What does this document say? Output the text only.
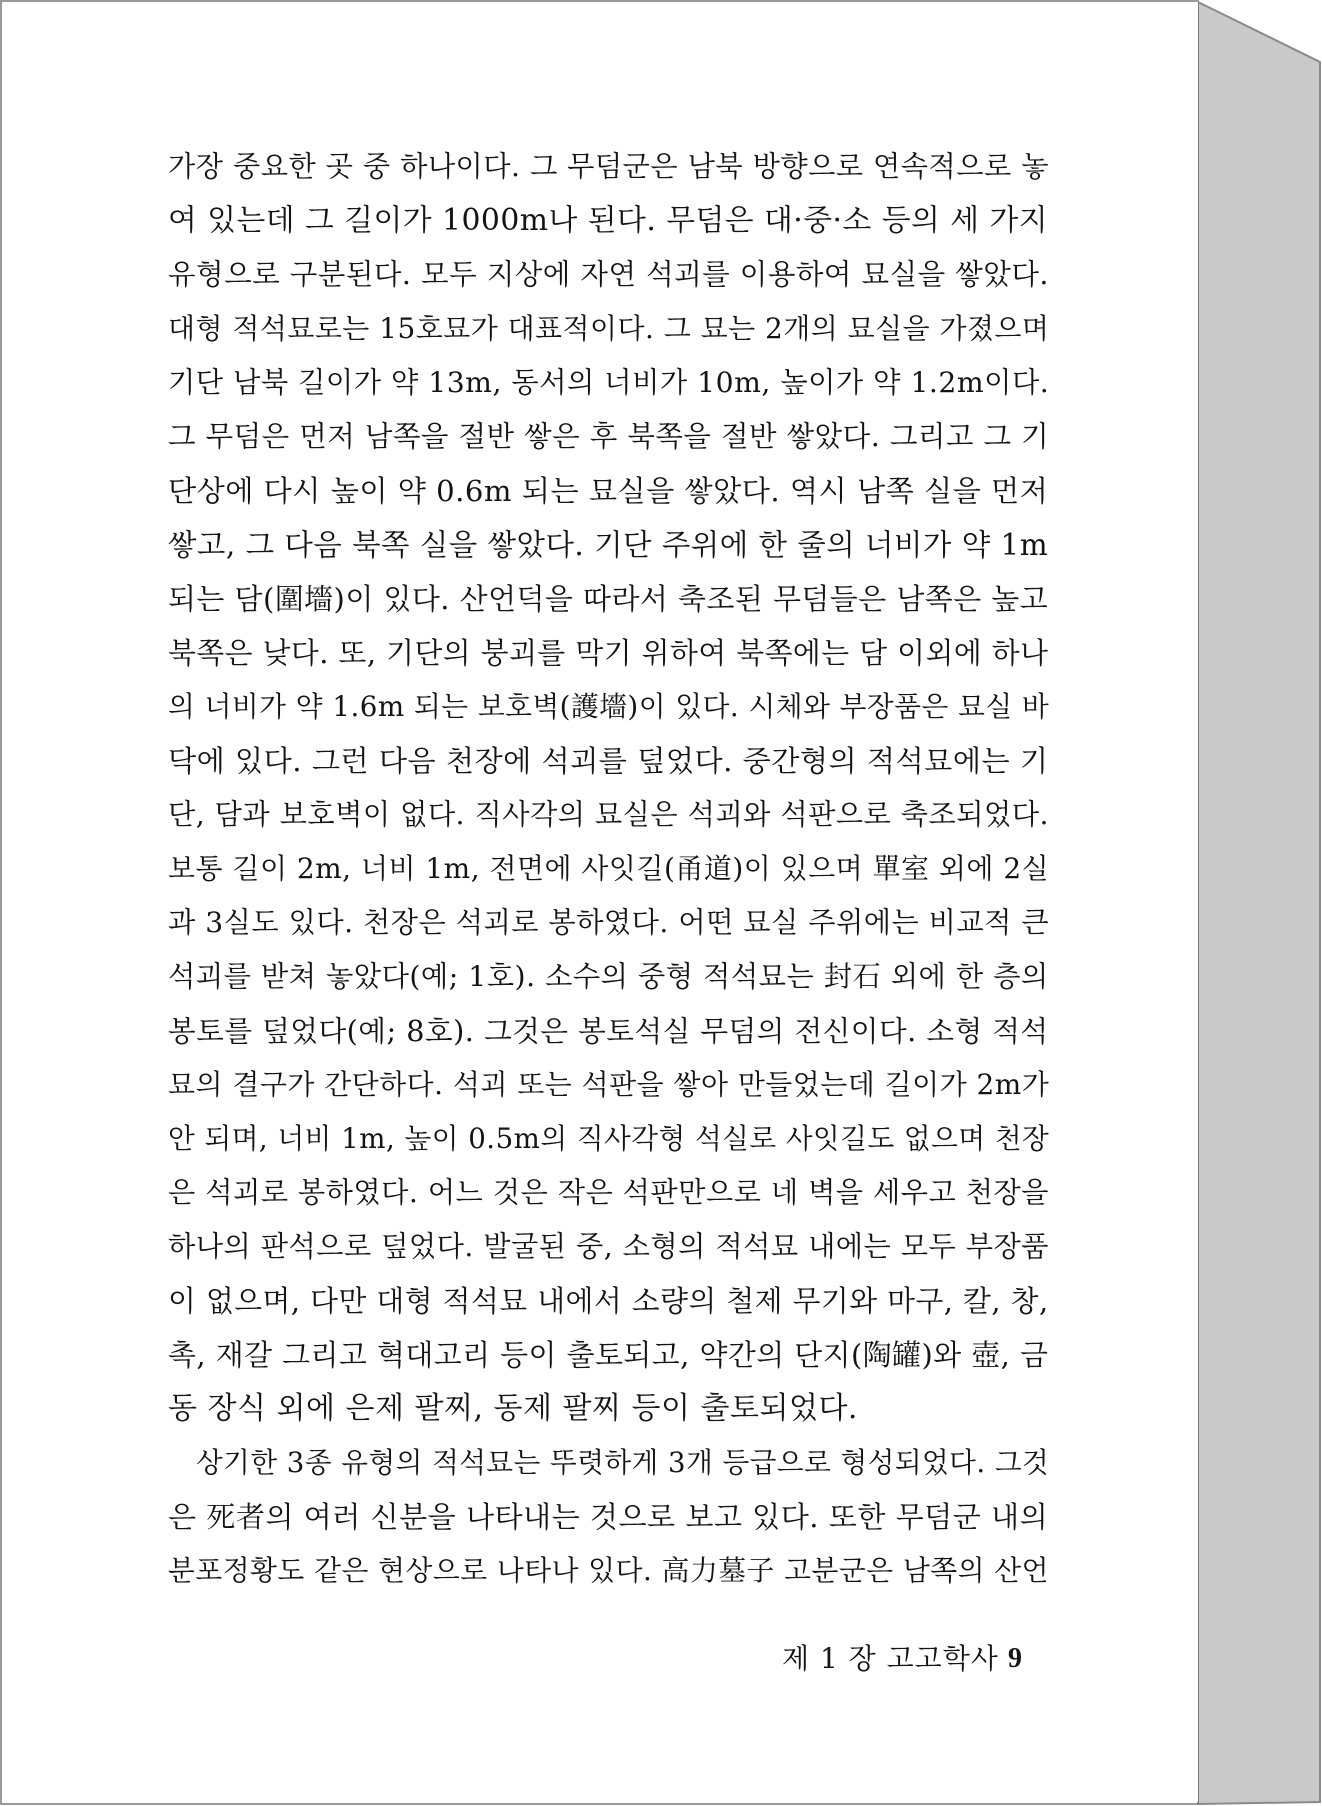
가장 중요한 곳 중 하나이다. 그 무덤군은 남북 방향으로 연속적으로 놓
여 있는데 그 길이가 1000m나 된다. 무덤은 대·중·소 등의 세 가지
유형으로 구분된다. 모두 지상에 자연 석괴를 이용하여 묘실을 쌓았다.
대형 적석묘로는 15호묘가 대표적이다. 그 묘는 2개의 묘실을 가졌으며
기단 남북 길이가 약 13m, 동서의 너비가 10m, 높이가 약 1.2m이다.
그 무덤은 먼저 남쪽을 절반 쌓은 후 북쪽을 절반 쌓았다. 그리고 그 기
단상에 다시 높이 약 0.6m 되는 묘실을 쌓았다. 역시 남쪽 실을 먼저
쌓고, 그 다음 북쪽 실을 쌓았다. 기단 주위에 한 줄의 너비가 약 1m
되는 담(圍墻)이 있다. 산언덕을 따라서 축조된 무덤들은 남쪽은 높고
북쪽은 낮다. 또, 기단의 붕괴를 막기 위하여 북쪽에는 담 이외에 하나
의 너비가 약 1.6m 되는 보호벽(護墻)이 있다. 시체와 부장품은 묘실 바
닥에 있다. 그런 다음 천장에 석괴를 덮었다. 중간형의 적석묘에는 기
단, 담과 보호벽이 없다. 직사각의 묘실은 석괴와 석판으로 축조되었다.
보통 길이 2m, 너비 1m, 전면에 사잇길(甬道)이 있으며 單室 외에 2실
과 3실도 있다. 천장은 석괴로 봉하였다. 어떤 묘실 주위에는 비교적 큰
석괴를 받쳐 놓았다(예; 1호). 소수의 중형 적석묘는 封石 외에 한 층의
봉토를 덮었다(예; 8호). 그것은 봉토석실 무덤의 전신이다. 소형 적석
묘의 결구가 간단하다. 석괴 또는 석판을 쌓아 만들었는데 길이가 2m가
안 되며, 너비 1m, 높이 0.5m의 직사각형 석실로 사잇길도 없으며 천장
은 석괴로 봉하였다. 어느 것은 작은 석판만으로 네 벽을 세우고 천장을
하나의 판석으로 덮었다. 발굴된 중, 소형의 적석묘 내에는 모두 부장품
이 없으며, 다만 대형 적석묘 내에서 소량의 철제 무기와 마구, 칼, 창,
촉, 재갈 그리고 혁대고리 등이 출토되고, 약간의 단지(陶罐)와 壺, 금
동 장식 외에 은제 팔찌, 동제 팔찌 등이 출토되었다.
상기한 3종 유형의 적석묘는 뚜렷하게 3개 등급으로 형성되었다. 그것
은 死者의 여러 신분을 나타내는 것으로 보고 있다. 또한 무덤군 내의
분포정황도 같은 현상으로 나타나 있다. 高力墓子 고분군은 남쪽의 산언
제 1 장 고고학사 9
